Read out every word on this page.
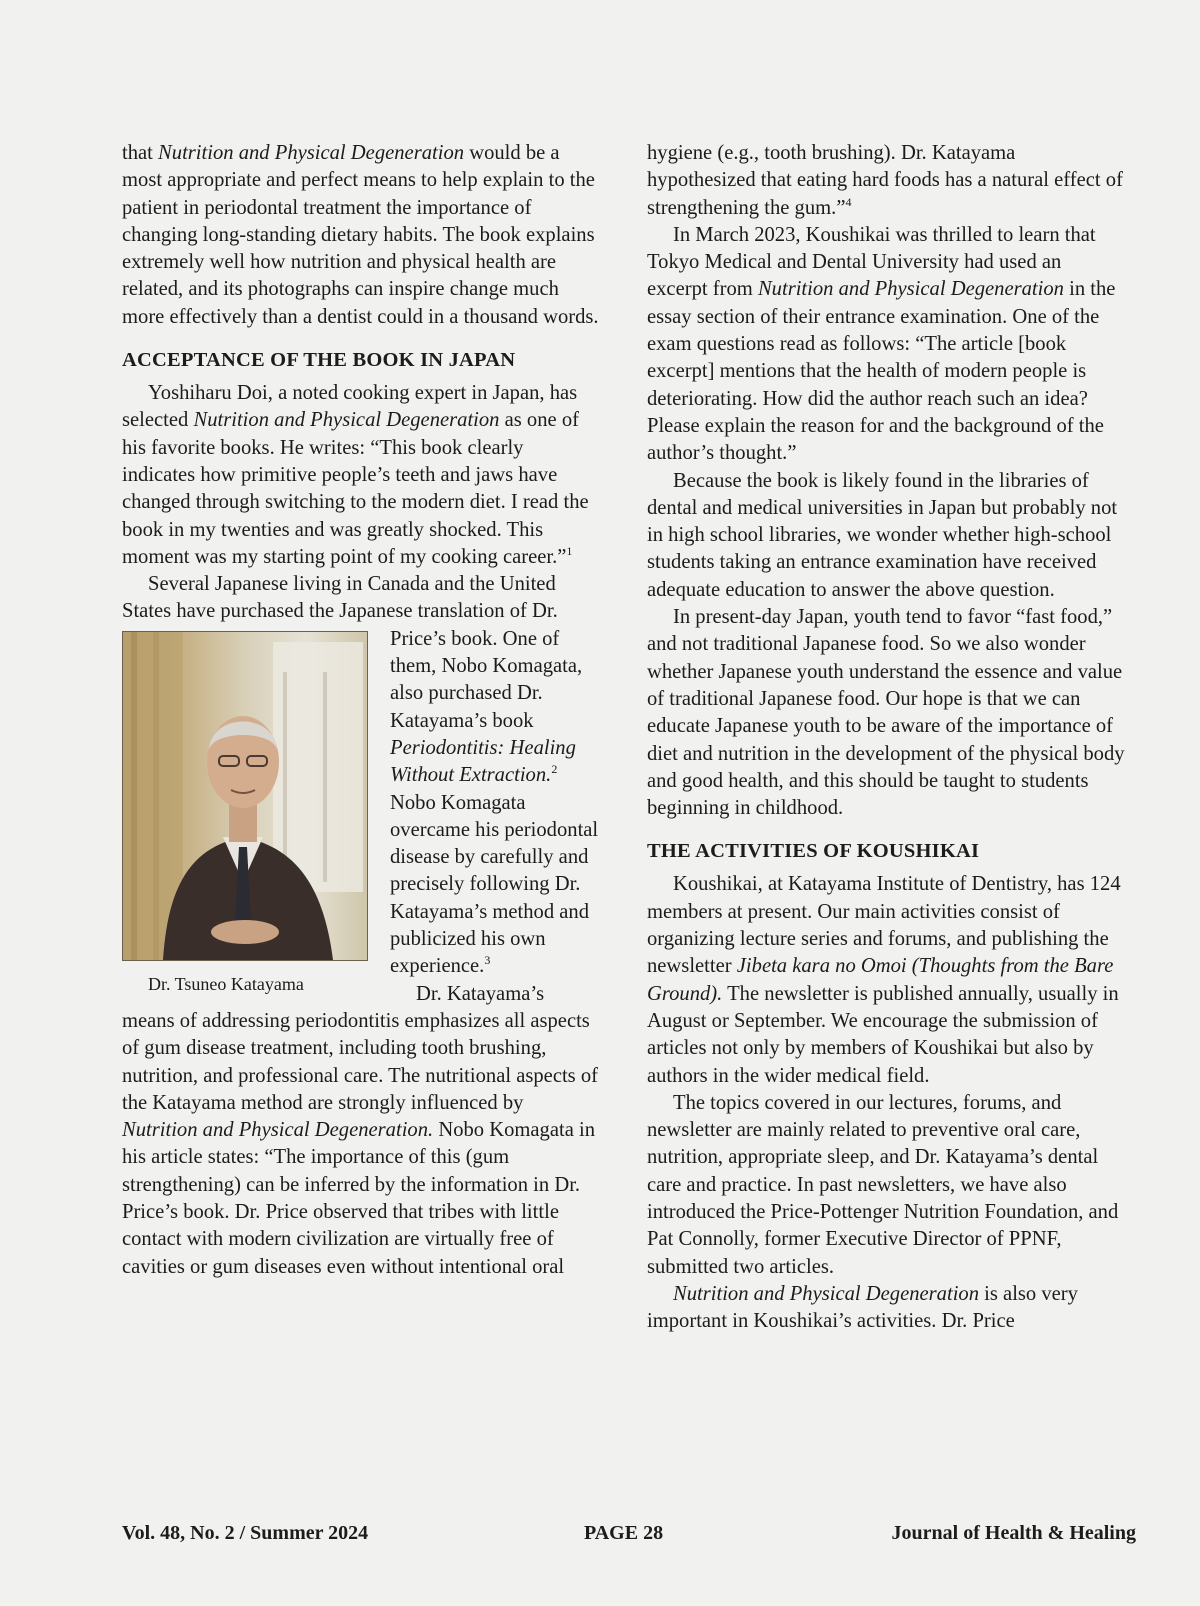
that Nutrition and Physical Degeneration would be a most appropriate and perfect means to help explain to the patient in periodontal treatment the importance of changing long-standing dietary habits. The book explains extremely well how nutrition and physical health are related, and its photographs can inspire change much more effectively than a dentist could in a thousand words.

ACCEPTANCE OF THE BOOK IN JAPAN

Yoshiharu Doi, a noted cooking expert in Japan, has selected Nutrition and Physical Degeneration as one of his favorite books. He writes: “This book clearly indicates how primitive people’s teeth and jaws have changed through switching to the modern diet. I read the book in my twenties and was greatly shocked. This moment was my starting point of my cooking career.”$^1$

Dr. Tsuneo Katayama
Several Japanese living in Canada and the United States have purchased the Japanese translation of Dr. Price’s book. One of them, Nobo Komagata, also purchased Dr. Katayama’s book Periodontitis: Healing Without Extraction.$^2$ Nobo Komagata overcame his periodontal disease by carefully and precisely following Dr. Katayama’s method and publicized his own experience.$^3$

Dr. Katayama’s means of addressing periodontitis emphasizes all aspects of gum disease treatment, including tooth brushing, nutrition, and professional care. The nutritional aspects of the Katayama method are strongly influenced by Nutrition and Physical Degeneration. Nobo Komagata in his article states: “The importance of this (gum strengthening) can be inferred by the information in Dr. Price’s book. Dr. Price observed that tribes with little contact with modern civilization are virtually free of cavities or gum diseases even without intentional oral

hygiene (e.g., tooth brushing). Dr. Katayama hypothesized that eating hard foods has a natural effect of strengthening the gum.”$^4$

In March 2023, Koushikai was thrilled to learn that Tokyo Medical and Dental University had used an excerpt from Nutrition and Physical Degeneration in the essay section of their entrance examination. One of the exam questions read as follows: “The article [book excerpt] mentions that the health of modern people is deteriorating. How did the author reach such an idea? Please explain the reason for and the background of the author’s thought.”

Because the book is likely found in the libraries of dental and medical universities in Japan but probably not in high school libraries, we wonder whether high-school students taking an entrance examination have received adequate education to answer the above question.

In present-day Japan, youth tend to favor “fast food,” and not traditional Japanese food. So we also wonder whether Japanese youth understand the essence and value of traditional Japanese food. Our hope is that we can educate Japanese youth to be aware of the importance of diet and nutrition in the development of the physical body and good health, and this should be taught to students beginning in childhood.

THE ACTIVITIES OF KOUSHIKAI

Koushikai, at Katayama Institute of Dentistry, has 124 members at present. Our main activities consist of organizing lecture series and forums, and publishing the newsletter Jibeta kara no Omoi (Thoughts from the Bare Ground). The newsletter is published annually, usually in August or September. We encourage the submission of articles not only by members of Koushikai but also by authors in the wider medical field.

The topics covered in our lectures, forums, and newsletter are mainly related to preventive oral care, nutrition, appropriate sleep, and Dr. Katayama’s dental care and practice. In past newsletters, we have also introduced the Price-Pottenger Nutrition Foundation, and Pat Connolly, former Executive Director of PPNF, submitted two articles.

Nutrition and Physical Degeneration is also very important in Koushikai’s activities. Dr. Price

Vol. 48, No. 2 / Summer 2024	PAGE 28	Journal of Health & Healing
